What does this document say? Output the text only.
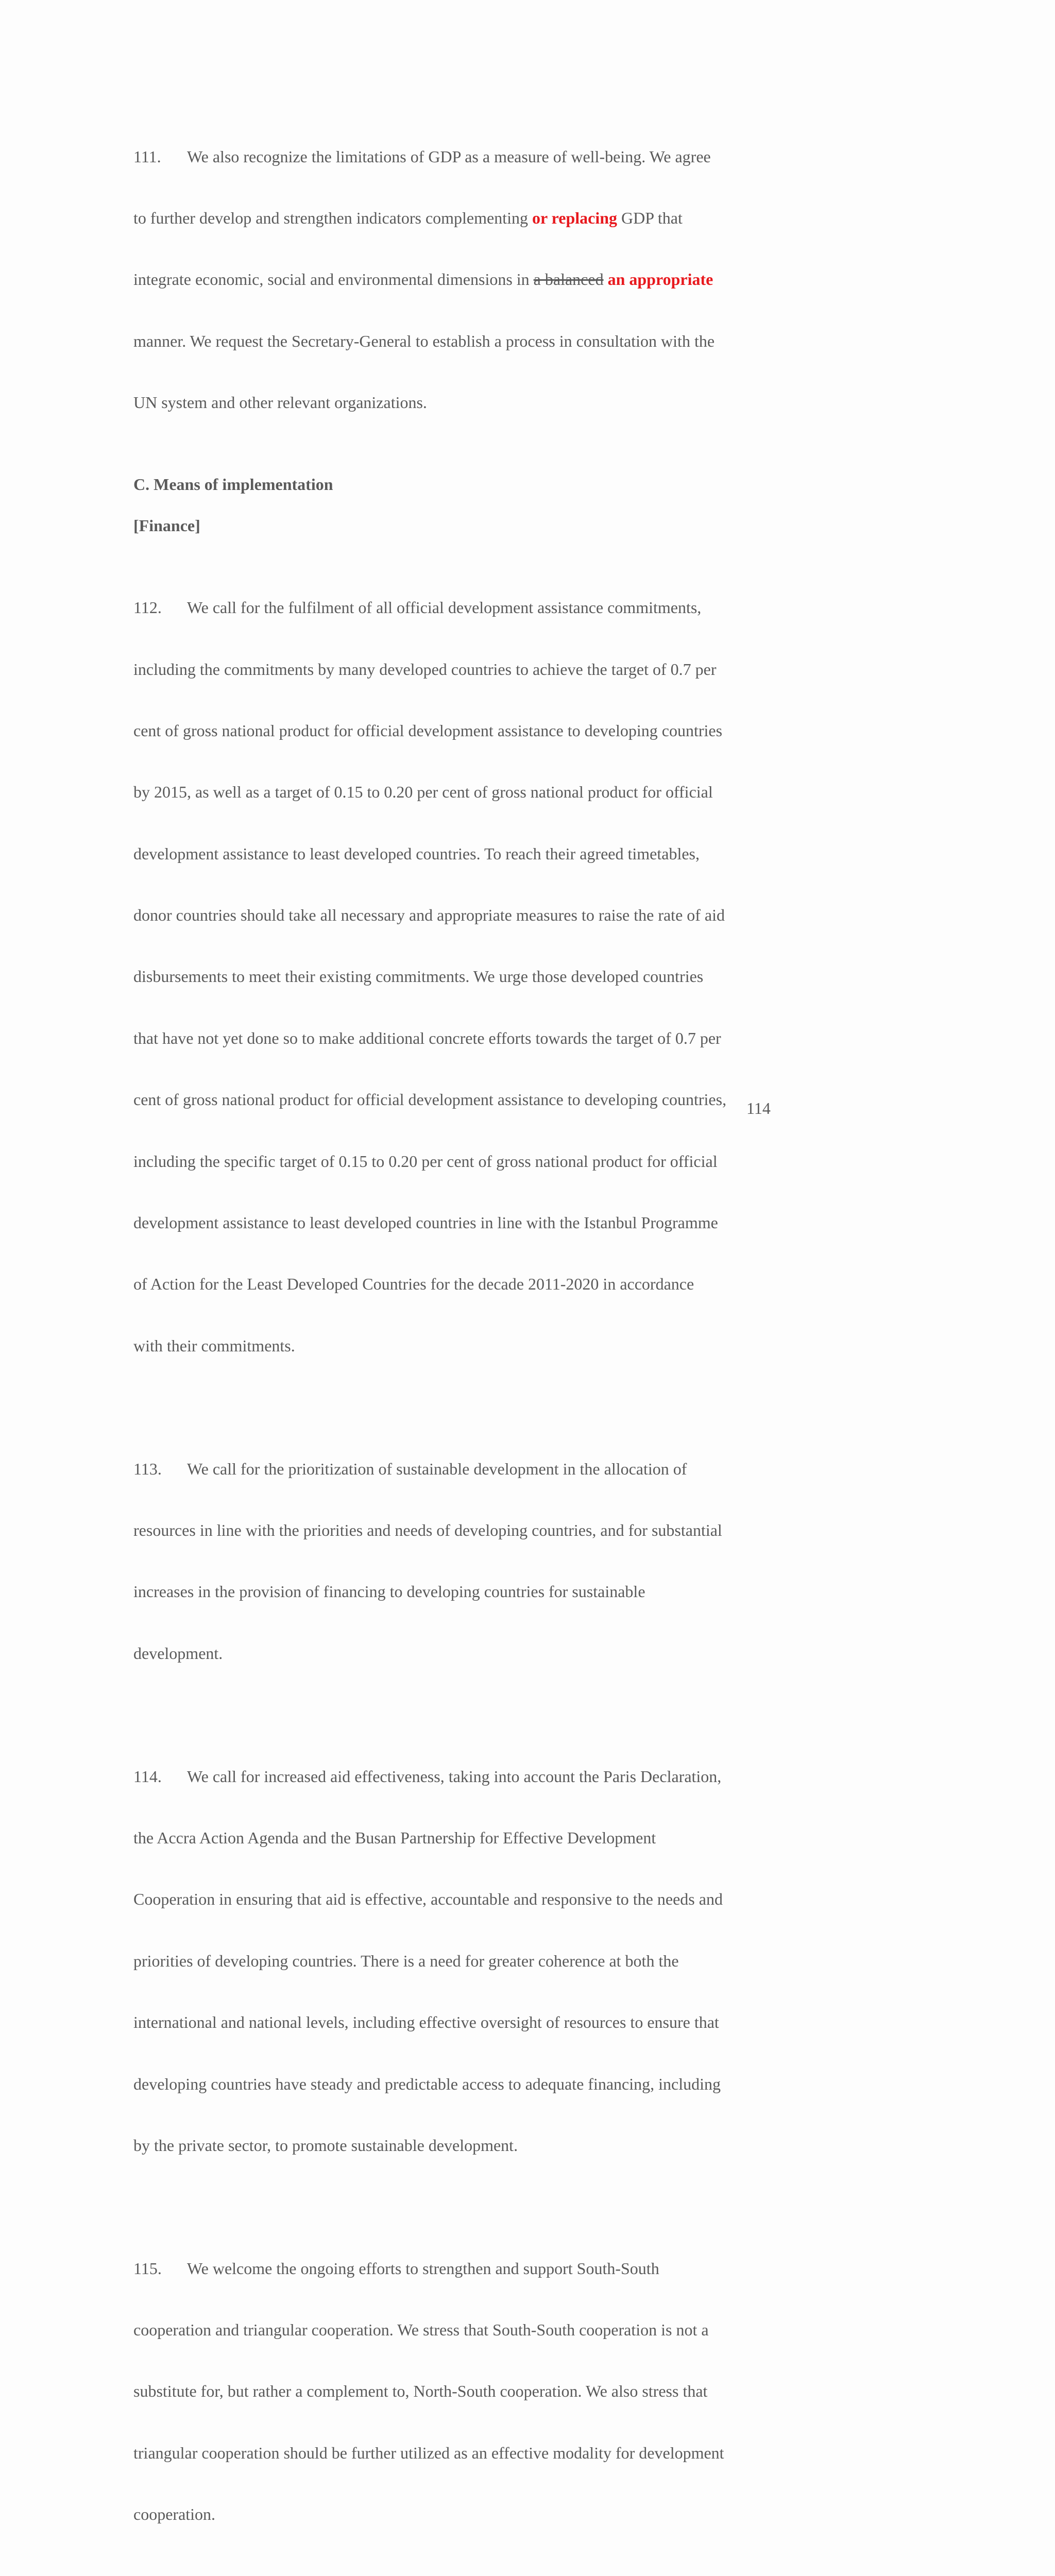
111. We also recognize the limitations of GDP as a measure of well-being. We agree

to further develop and strengthen indicators complementing or replacing GDP that

integrate economic, social and environmental dimensions in a balanced an appropriate

manner. We request the Secretary-General to establish a process in consultation with the

UN system and other relevant organizations.

C. Means of implementation
[Finance]

112. We call for the fulfilment of all official development assistance commitments,

including the commitments by many developed countries to achieve the target of 0.7 per

cent of gross national product for official development assistance to developing countries

by 2015, as well as a target of 0.15 to 0.20 per cent of gross national product for official

development assistance to least developed countries. To reach their agreed timetables,

donor countries should take all necessary and appropriate measures to raise the rate of aid

disbursements to meet their existing commitments. We urge those developed countries

that have not yet done so to make additional concrete efforts towards the target of 0.7 per

cent of gross national product for official development assistance to developing countries,

including the specific target of 0.15 to 0.20 per cent of gross national product for official

development assistance to least developed countries in line with the Istanbul Programme

of Action for the Least Developed Countries for the decade 2011-2020 in accordance

with their commitments.

113. We call for the prioritization of sustainable development in the allocation of

resources in line with the priorities and needs of developing countries, and for substantial

increases in the provision of financing to developing countries for sustainable

development.

114. We call for increased aid effectiveness, taking into account the Paris Declaration,

the Accra Action Agenda and the Busan Partnership for Effective Development

Cooperation in ensuring that aid is effective, accountable and responsive to the needs and

priorities of developing countries. There is a need for greater coherence at both the

international and national levels, including effective oversight of resources to ensure that

developing countries have steady and predictable access to adequate financing, including

by the private sector, to promote sustainable development.

115. We welcome the ongoing efforts to strengthen and support South-South

cooperation and triangular cooperation. We stress that South-South cooperation is not a

substitute for, but rather a complement to, North-South cooperation. We also stress that

triangular cooperation should be further utilized as an effective modality for development

cooperation.

114
